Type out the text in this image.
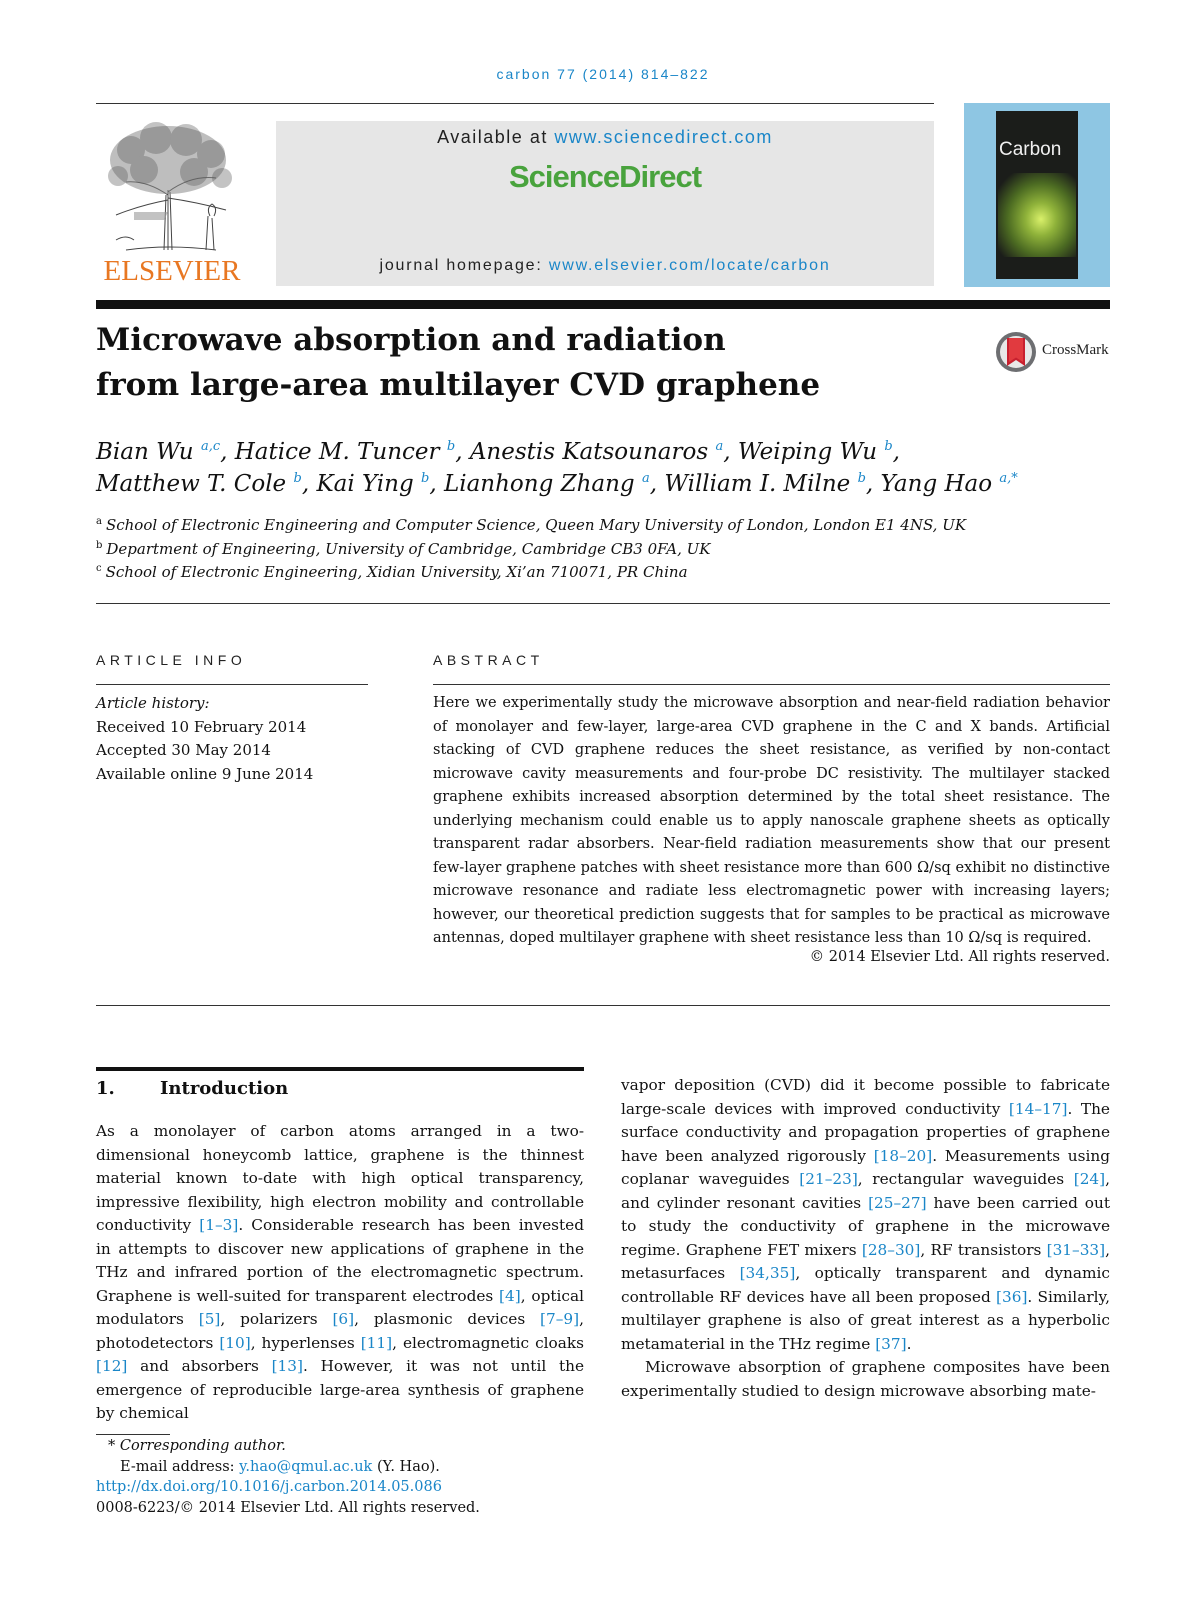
carbon 77 (2014) 814–822
ELSEVIER
Available at www.sciencedirect.com
ScienceDirect
journal homepage: www.elsevier.com/locate/carbon
Carbon
Microwave absorption and radiation
from large-area multilayer CVD graphene
CrossMark
Bian Wu $^{a,c}$, Hatice M. Tuncer $^b$, Anestis Katsounaros $^a$, Weiping Wu $^b$,
Matthew T. Cole $^b$, Kai Ying $^b$, Lianhong Zhang $^a$, William I. Milne $^b$, Yang Hao $^{a,*}$
$^a$ School of Electronic Engineering and Computer Science, Queen Mary University of London, London E1 4NS, UK
$^b$ Department of Engineering, University of Cambridge, Cambridge CB3 0FA, UK
$^c$ School of Electronic Engineering, Xidian University, Xi’an 710071, PR China
ARTICLE INFO
Article history:
Received 10 February 2014
Accepted 30 May 2014
Available online 9 June 2014
ABSTRACT

Here we experimentally study the microwave absorption and near-field radiation behavior of monolayer and few-layer, large-area CVD graphene in the C and X bands. Artificial stacking of CVD graphene reduces the sheet resistance, as verified by non-contact microwave cavity measurements and four-probe DC resistivity. The multilayer stacked graphene exhibits increased absorption determined by the total sheet resistance. The underlying mechanism could enable us to apply nanoscale graphene sheets as optically transparent radar absorbers. Near-field radiation measurements show that our present few-layer graphene patches with sheet resistance more than 600 Ω/sq exhibit no distinctive microwave resonance and radiate less electromagnetic power with increasing layers; however, our theoretical prediction suggests that for samples to be practical as microwave antennas, doped multilayer graphene with sheet resistance less than 10 Ω/sq is required.

© 2014 Elsevier Ltd. All rights reserved.
1.	Introduction

As a monolayer of carbon atoms arranged in a two-dimensional honeycomb lattice, graphene is the thinnest material known to-date with high optical transparency, impressive flexibility, high electron mobility and controllable conductivity [1–3]. Considerable research has been invested in attempts to discover new applications of graphene in the THz and infrared portion of the electromagnetic spectrum. Graphene is well-suited for transparent electrodes [4], optical modulators [5], polarizers [6], plasmonic devices [7–9], photodetectors [10], hyperlenses [11], electromagnetic cloaks [12] and absorbers [13]. However, it was not until the emergence of reproducible large-area synthesis of graphene by chemical

vapor deposition (CVD) did it become possible to fabricate large-scale devices with improved conductivity [14–17]. The surface conductivity and propagation properties of graphene have been analyzed rigorously [18–20]. Measurements using coplanar waveguides [21–23], rectangular waveguides [24], and cylinder resonant cavities [25–27] have been carried out to study the conductivity of graphene in the microwave regime. Graphene FET mixers [28–30], RF transistors [31–33], metasurfaces [34,35], optically transparent and dynamic controllable RF devices have all been proposed [36]. Similarly, multilayer graphene is also of great interest as a hyperbolic metamaterial in the THz regime [37].

Microwave absorption of graphene composites have been experimentally studied to design microwave absorbing mate-

* Corresponding author.
E-mail address: y.hao@qmul.ac.uk (Y. Hao).
http://dx.doi.org/10.1016/j.carbon.2014.05.086
0008-6223/© 2014 Elsevier Ltd. All rights reserved.
